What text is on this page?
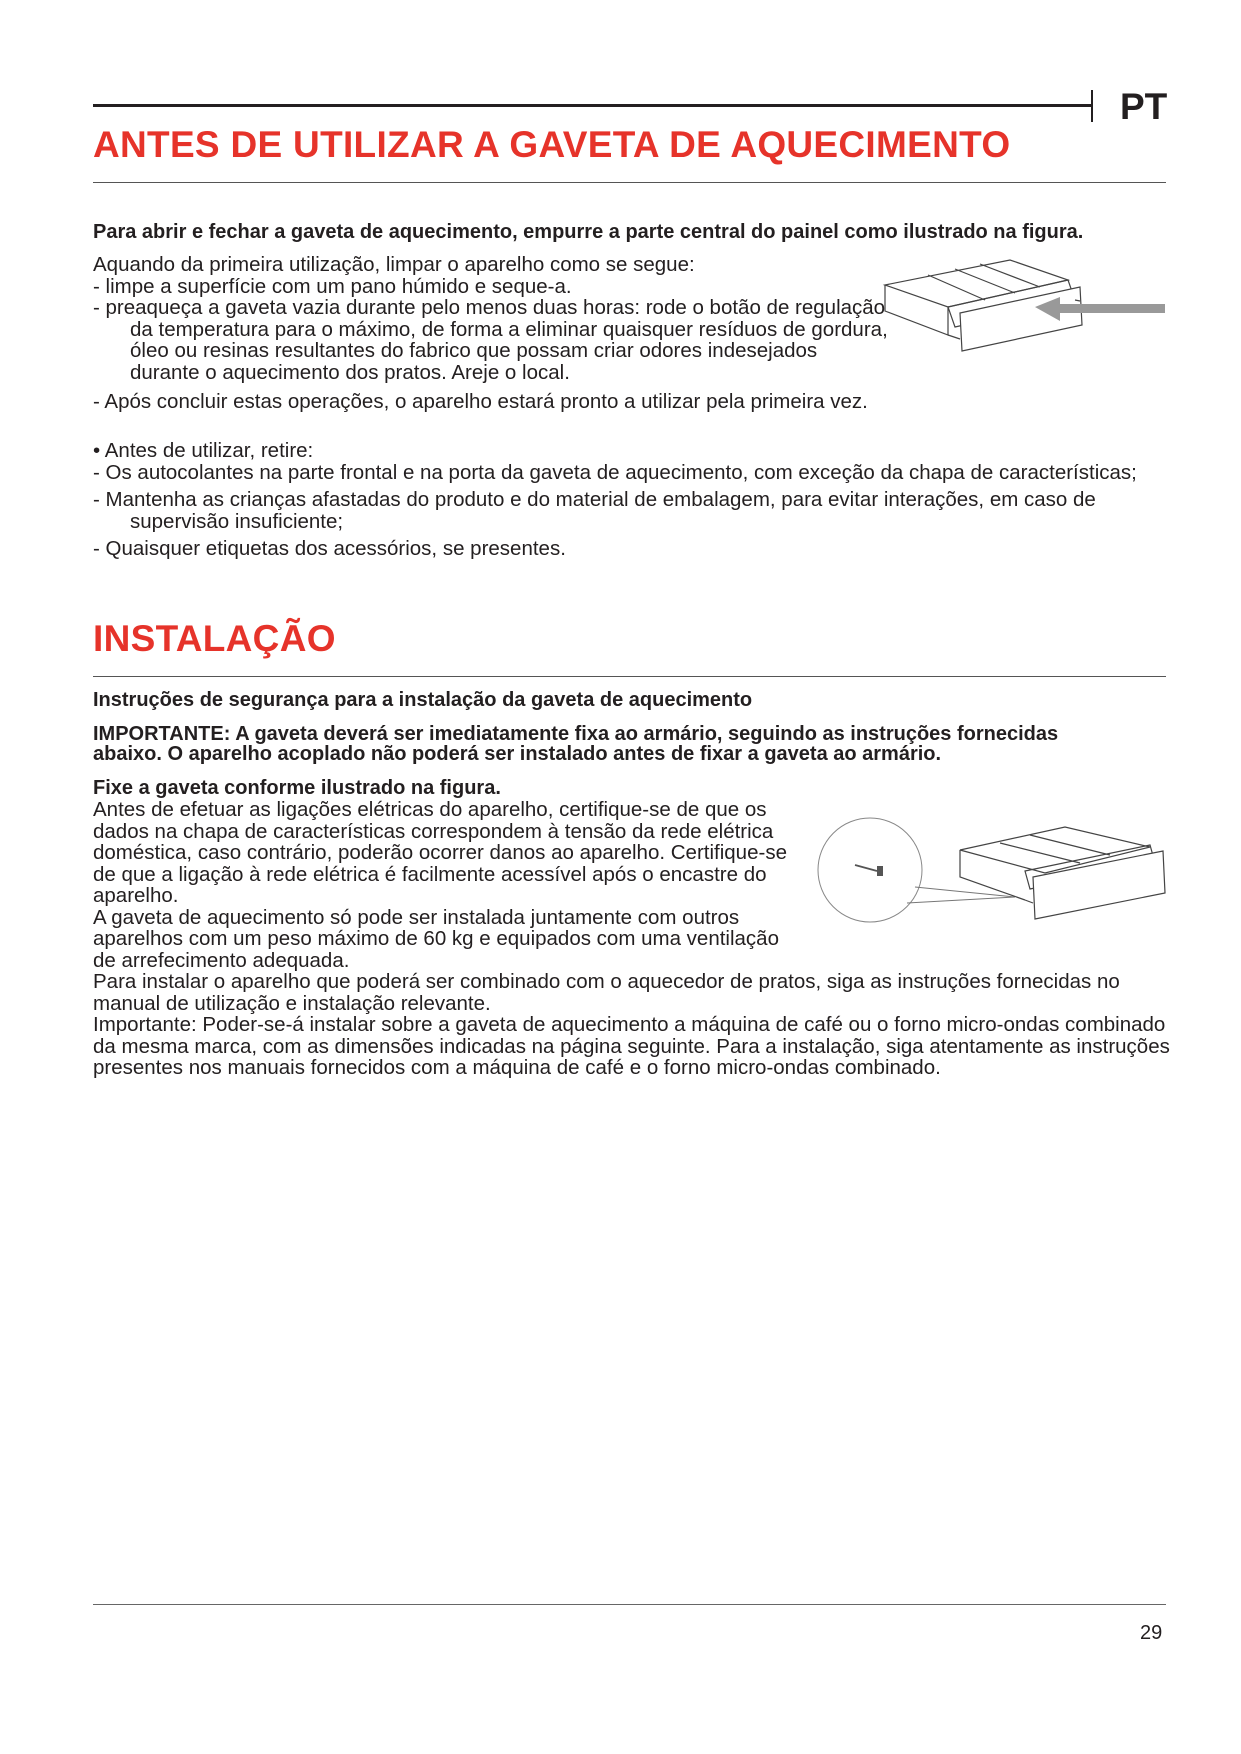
PT
ANTES DE UTILIZAR A GAVETA DE AQUECIMENTO

Para abrir e fechar a gaveta de aquecimento, empurre a parte central do painel como ilustrado na figura.

Aquando da primeira utilização, limpar o aparelho como se segue:

- limpe a superfície com um pano húmido e seque-a.

- preaqueça a gaveta vazia durante pelo menos duas horas: rode o botão de regulação da temperatura para o máximo, de forma a eliminar quaisquer resíduos de gordura, óleo ou resinas resultantes do fabrico que possam criar odores indesejados durante o aquecimento dos pratos. Areje o local.

- Após concluir estas operações, o aparelho estará pronto a utilizar pela primeira vez.

• Antes de utilizar, retire:

- Os autocolantes na parte frontal e na porta da gaveta de aquecimento, com exceção da chapa de características;

- Mantenha as crianças afastadas do produto e do material de embalagem, para evitar interações, em caso de supervisão insuficiente;

- Quaisquer etiquetas dos acessórios, se presentes.

INSTALAÇÃO

Instruções de segurança para a instalação da gaveta de aquecimento

IMPORTANTE: A gaveta deverá ser imediatamente fixa ao armário, seguindo as instruções fornecidas abaixo. O aparelho acoplado não poderá ser instalado antes de fixar a gaveta ao armário.

Fixe a gaveta conforme ilustrado na figura.

Antes de efetuar as ligações elétricas do aparelho, certifique-se de que os dados na chapa de características correspondem à tensão da rede elétrica doméstica, caso contrário, poderão ocorrer danos ao aparelho. Certifique-se de que a ligação à rede elétrica é facilmente acessível após o encastre do aparelho.

A gaveta de aquecimento só pode ser instalada juntamente com outros aparelhos com um peso máximo de 60 kg e equipados com uma ventilação de arrefecimento adequada.

Para instalar o aparelho que poderá ser combinado com o aquecedor de pratos, siga as instruções fornecidas no manual de utilização e instalação relevante.

Importante: Poder-se-á instalar sobre a gaveta de aquecimento a máquina de café ou o forno micro-ondas combinado da mesma marca, com as dimensões indicadas na página seguinte. Para a instalação, siga atentamente as instruções presentes nos manuais fornecidos com a máquina de café e o forno micro-ondas combinado.

29
